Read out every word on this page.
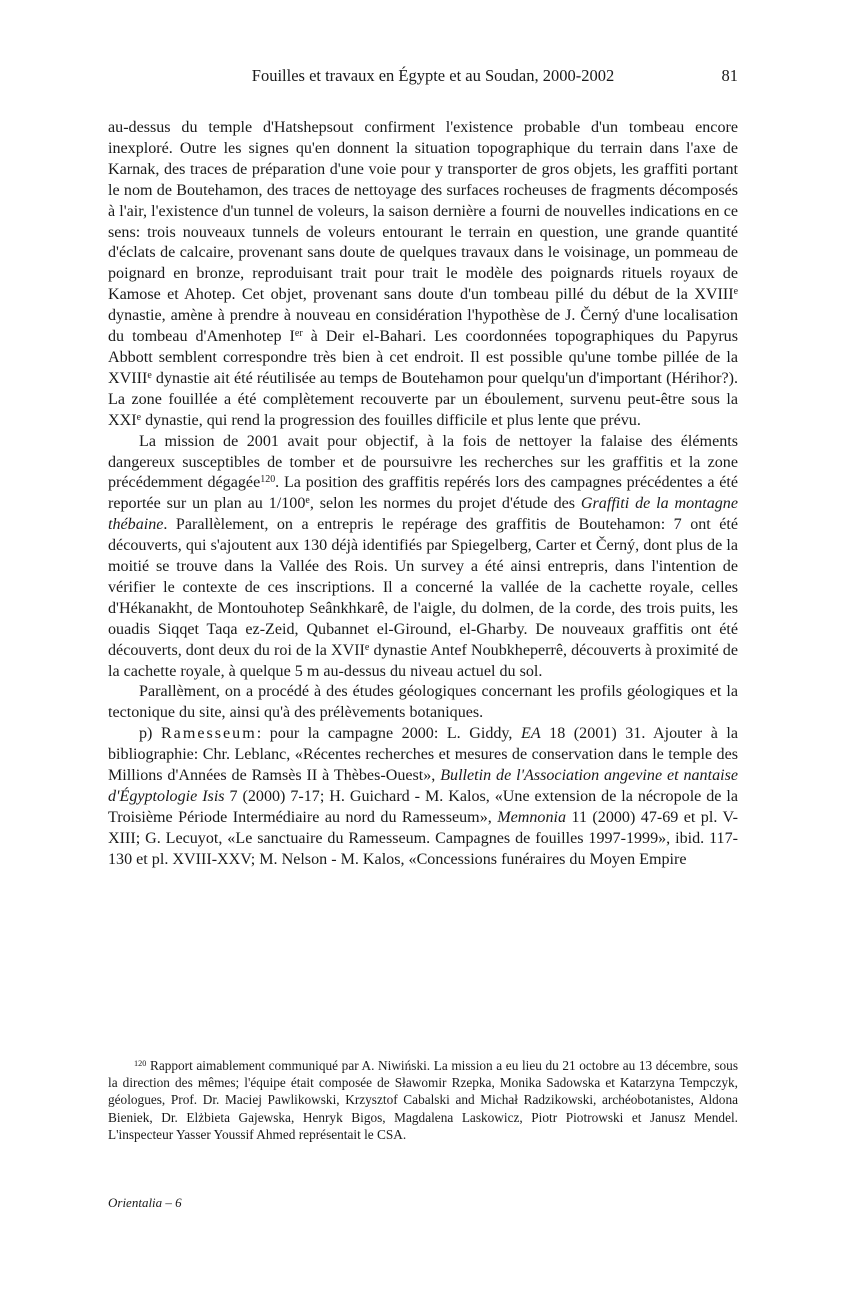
Fouilles et travaux en Égypte et au Soudan, 2000-2002	81

au-dessus du temple d'Hatshepsout confirment l'existence probable d'un tombeau encore inexploré. Outre les signes qu'en donnent la situation topographique du terrain dans l'axe de Karnak, des traces de préparation d'une voie pour y transporter de gros objets, les graffiti portant le nom de Boutehamon, des traces de nettoyage des surfaces rocheuses de fragments décomposés à l'air, l'existence d'un tunnel de voleurs, la saison dernière a fourni de nouvelles indications en ce sens: trois nouveaux tunnels de voleurs entourant le terrain en question, une grande quantité d'éclats de calcaire, provenant sans doute de quelques travaux dans le voisinage, un pommeau de poignard en bronze, reproduisant trait pour trait le modèle des poignards rituels royaux de Kamose et Ahotep. Cet objet, provenant sans doute d'un tombeau pillé du début de la XVIIIe dynastie, amène à prendre à nouveau en considération l'hypothèse de J. Černý d'une localisation du tombeau d'Amenhotep Ier à Deir el-Bahari. Les coordonnées topographiques du Papyrus Abbott semblent correspondre très bien à cet endroit. Il est possible qu'une tombe pillée de la XVIIIe dynastie ait été réutilisée au temps de Boutehamon pour quelqu'un d'important (Hérihor?). La zone fouillée a été complètement recouverte par un éboulement, survenu peut-être sous la XXIe dynastie, qui rend la progression des fouilles difficile et plus lente que prévu.

La mission de 2001 avait pour objectif, à la fois de nettoyer la falaise des éléments dangereux susceptibles de tomber et de poursuivre les recherches sur les graffitis et la zone précédemment dégagée$^{120}$. La position des graffitis repérés lors des campagnes précédentes a été reportée sur un plan au 1/100e, selon les normes du projet d'étude des Graffiti de la montagne thébaine. Parallèlement, on a entrepris le repérage des graffitis de Boutehamon: 7 ont été découverts, qui s'ajoutent aux 130 déjà identifiés par Spiegelberg, Carter et Černý, dont plus de la moitié se trouve dans la Vallée des Rois. Un survey a été ainsi entrepris, dans l'intention de vérifier le contexte de ces inscriptions. Il a concerné la vallée de la cachette royale, celles d'Hékanakht, de Montouhotep Seânkhkarê, de l'aigle, du dolmen, de la corde, des trois puits, les ouadis Siqqet Taqa ez-Zeid, Qubannet el-Giround, el-Gharby. De nouveaux graffitis ont été découverts, dont deux du roi de la XVIIe dynastie Antef Noubkheperrê, découverts à proximité de la cachette royale, à quelque 5 m au-dessus du niveau actuel du sol.

Parallèment, on a procédé à des études géologiques concernant les profils géologiques et la tectonique du site, ainsi qu'à des prélèvements botaniques.

p) Ramesseum: pour la campagne 2000: L. Giddy, EA 18 (2001) 31. Ajouter à la bibliographie: Chr. Leblanc, «Récentes recherches et mesures de conservation dans le temple des Millions d'Années de Ramsès II à Thèbes-Ouest», Bulletin de l'Association angevine et nantaise d'Égyptologie Isis 7 (2000) 7-17; H. Guichard - M. Kalos, «Une extension de la nécropole de la Troisième Période Intermédiaire au nord du Ramesseum», Memnonia 11 (2000) 47-69 et pl. V-XIII; G. Lecuyot, «Le sanctuaire du Ramesseum. Campagnes de fouilles 1997-1999», ibid. 117-130 et pl. XVIII-XXV; M. Nelson - M. Kalos, «Concessions funéraires du Moyen Empire

$^{120}$ Rapport aimablement communiqué par A. Niwiński. La mission a eu lieu du 21 octobre au 13 décembre, sous la direction des mêmes; l'équipe était composée de Sławomir Rzepka, Monika Sadowska et Katarzyna Tempczyk, géologues, Prof. Dr. Maciej Pawlikowski, Krzysztof Cabalski and Michał Radzikowski, archéobotanistes, Aldona Bieniek, Dr. Elżbieta Gajewska, Henryk Bigos, Magdalena Laskowicz, Piotr Piotrowski et Janusz Mendel. L'inspecteur Yasser Youssif Ahmed représentait le CSA.

Orientalia – 6
